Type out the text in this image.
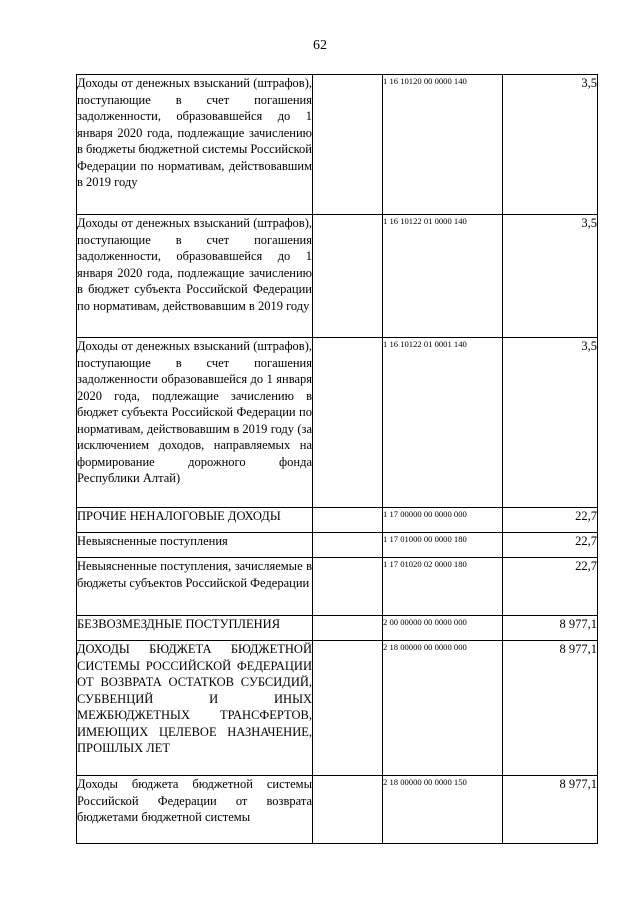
62
Доходы от денежных взысканий (штрафов), поступающие в счет погашения задолженности, образовавшейся до 1 января 2020 года, подлежащие зачислению в бюджеты бюджетной системы Российской Федерации по нормативам, действовавшим в 2019 году		1 16 10120 00 0000 140	3,5
Доходы от денежных взысканий (штрафов), поступающие в счет погашения задолженности, образовавшейся до 1 января 2020 года, подлежащие зачислению в бюджет субъекта Российской Федерации по нормативам, действовавшим в 2019 году		1 16 10122 01 0000 140	3,5
Доходы от денежных взысканий (штрафов), поступающие в счет погашения задолженности образовавшейся до 1 января 2020 года, подлежащие зачислению в бюджет субъекта Российской Федерации по нормативам, действовавшим в 2019 году (за исключением доходов, направляемых на формирование дорожного фонда Республики Алтай)		1 16 10122 01 0001 140	3,5
ПРОЧИЕ НЕНАЛОГОВЫЕ ДОХОДЫ		1 17 00000 00 0000 000	22,7
Невыясненные поступления		1 17 01000 00 0000 180	22,7
Невыясненные поступления, зачисляемые в бюджеты субъектов Российской Федерации		1 17 01020 02 0000 180	22,7
БЕЗВОЗМЕЗДНЫЕ ПОСТУПЛЕНИЯ		2 00 00000 00 0000 000	8 977,1
ДОХОДЫ БЮДЖЕТА БЮДЖЕТНОЙ СИСТЕМЫ РОССИЙСКОЙ ФЕДЕРАЦИИ ОТ ВОЗВРАТА ОСТАТКОВ СУБСИДИЙ, СУБВЕНЦИЙ И ИНЫХ МЕЖБЮДЖЕТНЫХ ТРАНСФЕРТОВ, ИМЕЮЩИХ ЦЕЛЕВОЕ НАЗНАЧЕНИЕ, ПРОШЛЫХ ЛЕТ		2 18 00000 00 0000 000	8 977,1
Доходы бюджета бюджетной системы Российской Федерации от возврата бюджетами бюджетной системы		2 18 00000 00 0000 150	8 977,1
